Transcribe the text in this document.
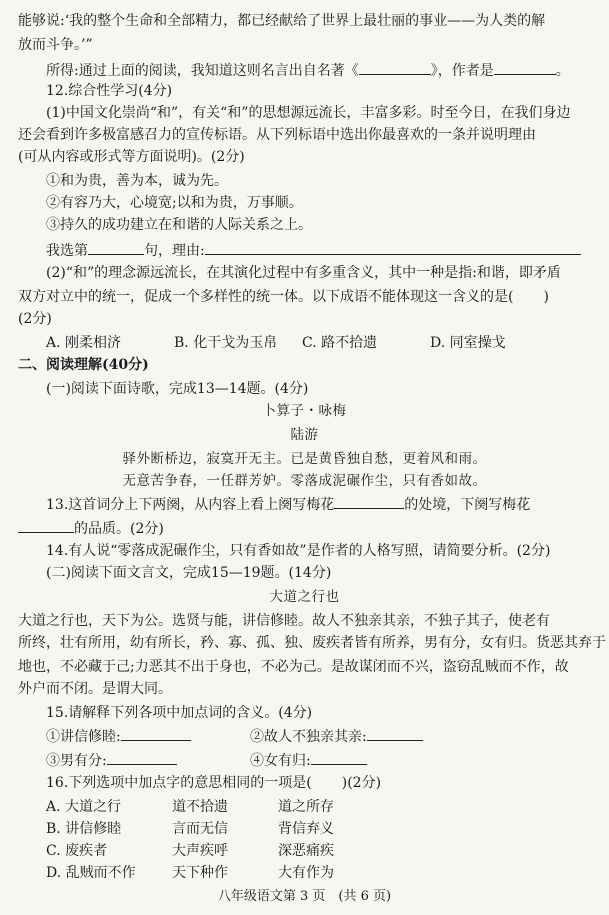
能够说:‘我的整个生命和全部精力，都已经献给了世界上最壮丽的事业——为人类的解
放而斗争。’”
所得:通过上面的阅读，我知道这则名言出自名著《	》，作者是	。
12.综合性学习(4分)
(1)中国文化崇尚“和”，有关“和”的思想源远流长，丰富多彩。时至今日，在我们身边
还会看到许多极富感召力的宣传标语。从下列标语中选出你最喜欢的一条并说明理由
(可从内容或形式等方面说明)。(2分)
①和为贵，善为本，诚为先。
②有容乃大，心境宽;以和为贵，万事顺。
③持久的成功建立在和谐的人际关系之上。
我选第	句，理由:
(2)“和”的理念源远流长，在其演化过程中有多重含义，其中一种是指:和谐，即矛盾
双方对立中的统一，促成一个多样性的统一体。以下成语不能体现这一含义的是( )
(2分)
A. 刚柔相济	B. 化干戈为玉帛 C. 路不拾遗	D. 同室操戈
二、阅读理解(40分)
(一)阅读下面诗歌，完成13—14题。(4分)
卜算子・咏梅
陆游
驿外断桥边，寂寞开无主。已是黄昏独自愁，更着风和雨。
无意苦争春，一任群芳妒。零落成泥碾作尘，只有香如故。
13.这首词分上下两阕，从内容上看上阕写梅花	的处境，下阕写梅花
的品质。(2分)
14.有人说“零落成泥碾作尘，只有香如故”是作者的人格写照，请简要分析。(2分)
(二)阅读下面文言文，完成15—19题。(14分)
大道之行也
大道之行也，天下为公。选贤与能，讲信修睦。故人不独亲其亲，不独子其子，使老有
所终，壮有所用，幼有所长，矜、寡、孤、独、废疾者皆有所养，男有分，女有归。货恶其弃于
地也，不必藏于己;力恶其不出于身也，不必为己。是故谋闭而不兴，盗窃乱贼而不作，故
外户而不闭。是谓大同。
15.请解释下列各项中加点词的含义。(4分)
①讲信修睦:	②故人不独亲其亲:
③男有分:	④女有归:
16.下列选项中加点字的意思相同的一项是( )(2分)
A. 大道之行	道不拾遗	道之所存
B. 讲信修睦	言而无信	背信弃义
C. 废疾者	大声疾呼	深恶痛疾
D. 乱贼而不作	天下种作	大有作为
八年级语文第 3 页　(共 6 页)
